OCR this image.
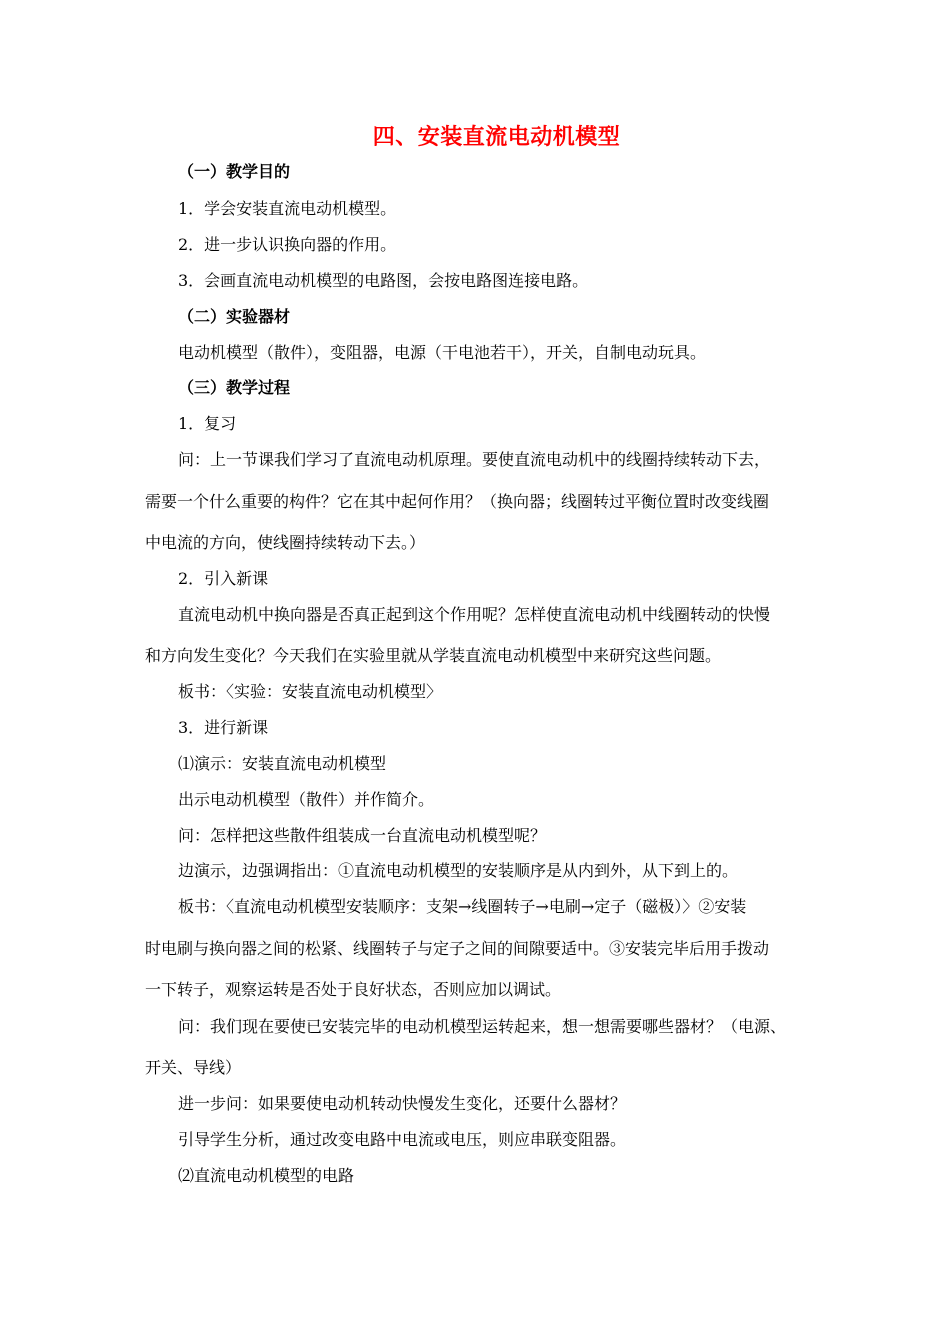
四、安装直流电动机模型
（一）教学目的
1．学会安装直流电动机模型。
2．进一步认识换向器的作用。
3．会画直流电动机模型的电路图，会按电路图连接电路。
（二）实验器材
电动机模型（散件），变阻器，电源（干电池若干），开关，自制电动玩具。
（三）教学过程
1．复习
问：上一节课我们学习了直流电动机原理。要使直流电动机中的线圈持续转动下去，
需要一个什么重要的构件？它在其中起何作用？（换向器；线圈转过平衡位置时改变线圈
中电流的方向，使线圈持续转动下去。）
2．引入新课
直流电动机中换向器是否真正起到这个作用呢？怎样使直流电动机中线圈转动的快慢
和方向发生变化？今天我们在实验里就从学装直流电动机模型中来研究这些问题。
板书：〈实验：安装直流电动机模型〉
3．进行新课
⑴演示：安装直流电动机模型
出示电动机模型（散件）并作简介。
问：怎样把这些散件组装成一台直流电动机模型呢？
边演示，边强调指出：①直流电动机模型的安装顺序是从内到外，从下到上的。
板书：〈直流电动机模型安装顺序：支架→线圈转子→电刷→定子（磁极）〉②安装
时电刷与换向器之间的松紧、线圈转子与定子之间的间隙要适中。③安装完毕后用手拨动
一下转子，观察运转是否处于良好状态，否则应加以调试。
问：我们现在要使已安装完毕的电动机模型运转起来，想一想需要哪些器材？（电源、
开关、导线）
进一步问：如果要使电动机转动快慢发生变化，还要什么器材？
引导学生分析，通过改变电路中电流或电压，则应串联变阻器。
⑵直流电动机模型的电路
